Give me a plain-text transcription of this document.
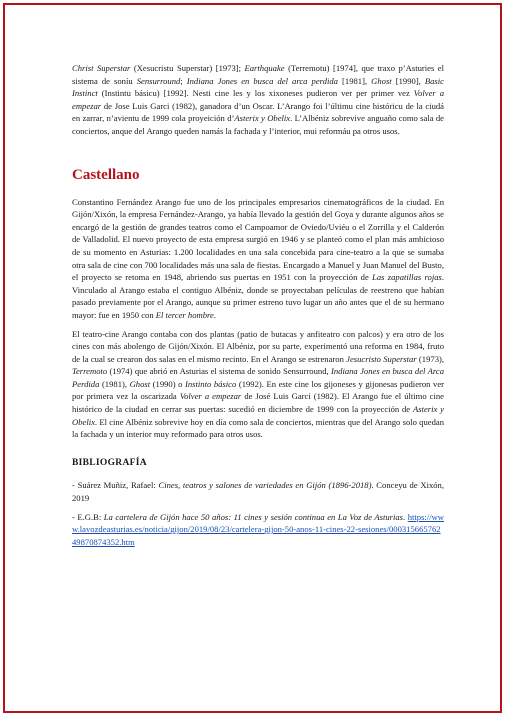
Christ Superstar (Xesucristu Superstar) [1973]; Earthquake (Terremotu) [1974], que traxo p’Asturies el sistema de soníu Sensurround; Indiana Jones en busca del arca perdida [1981], Ghost [1990], Basic Instinct (Instintu básicu) [1992]. Nesti cine les y los xixoneses pudieron ver per primer vez Volver a empezar de Jose Luis Garci (1982), ganadora d’un Oscar. L’Arango foi l’últimu cine históricu de la ciudá en zarrar, n’avientu de 1999 cola proyeición d’Asterix y Obelix. L’Albéniz sobrevive anguaño como sala de conciertos, anque del Arango queden namás la fachada y l’interior, mui reformáu pa otros usos.

Castellano

Constantino Fernández Arango fue uno de los principales empresarios cinematográficos de la ciudad. En Gijón/Xixón, la empresa Fernández-Arango, ya había llevado la gestión del Goya y durante algunos años se encargó de la gestión de grandes teatros como el Campoamor de Oviedo/Uviéu o el Zorrilla y el Calderón de Valladolid. El nuevo proyecto de esta empresa surgió en 1946 y se planteó como el plan más ambicioso de su momento en Asturias: 1.200 localidades en una sala concebida para cine-teatro a la que se sumaba otra sala de cine con 700 localidades más una sala de fiestas. Encargado a Manuel y Juan Manuel del Busto, el proyecto se retoma en 1948, abriendo sus puertas en 1951 con la proyección de Las zapatillas rojas. Vinculado al Arango estaba el contiguo Albéniz, donde se proyectaban películas de reestreno que habían pasado previamente por el Arango, aunque su primer estreno tuvo lugar un año antes que el de su hermano mayor: fue en 1950 con El tercer hombre.

El teatro-cine Arango contaba con dos plantas (patio de butacas y anfiteatro con palcos) y era otro de los cines con más abolengo de Gijón/Xixón. El Albéniz, por su parte, experimentó una reforma en 1984, fruto de la cual se crearon dos salas en el mismo recinto. En el Arango se estrenaron Jesucristo Superstar (1973), Terremoto (1974) que abrió en Asturias el sistema de sonido Sensurround, Indiana Jones en busca del Arca Perdida (1981), Ghost (1990) o Instinto básico (1992). En este cine los gijoneses y gijonesas pudieron ver por primera vez la oscarizada Volver a empezar de José Luis Garci (1982). El Arango fue el último cine histórico de la ciudad en cerrar sus puertas: sucedió en diciembre de 1999 con la proyección de Asterix y Obelix. El cine Albéniz sobrevive hoy en día como sala de conciertos, mientras que del Arango solo quedan la fachada y un interior muy reformado para otros usos.

BIBLIOGRAFÍA

- Suárez Muñiz, Rafael: Cines, teatros y salones de variedades en Gijón (1896-2018). Conceyu de Xixón, 2019

- E.G.B: La cartelera de Gijón hace 50 años: 11 cines y sesión continua en La Voz de Asturias. https://www.lavozdeasturias.es/noticia/gijon/2019/08/23/cartelera-gijon-50-anos-11-cines-22-sesiones/00031566576249870874352.htm
